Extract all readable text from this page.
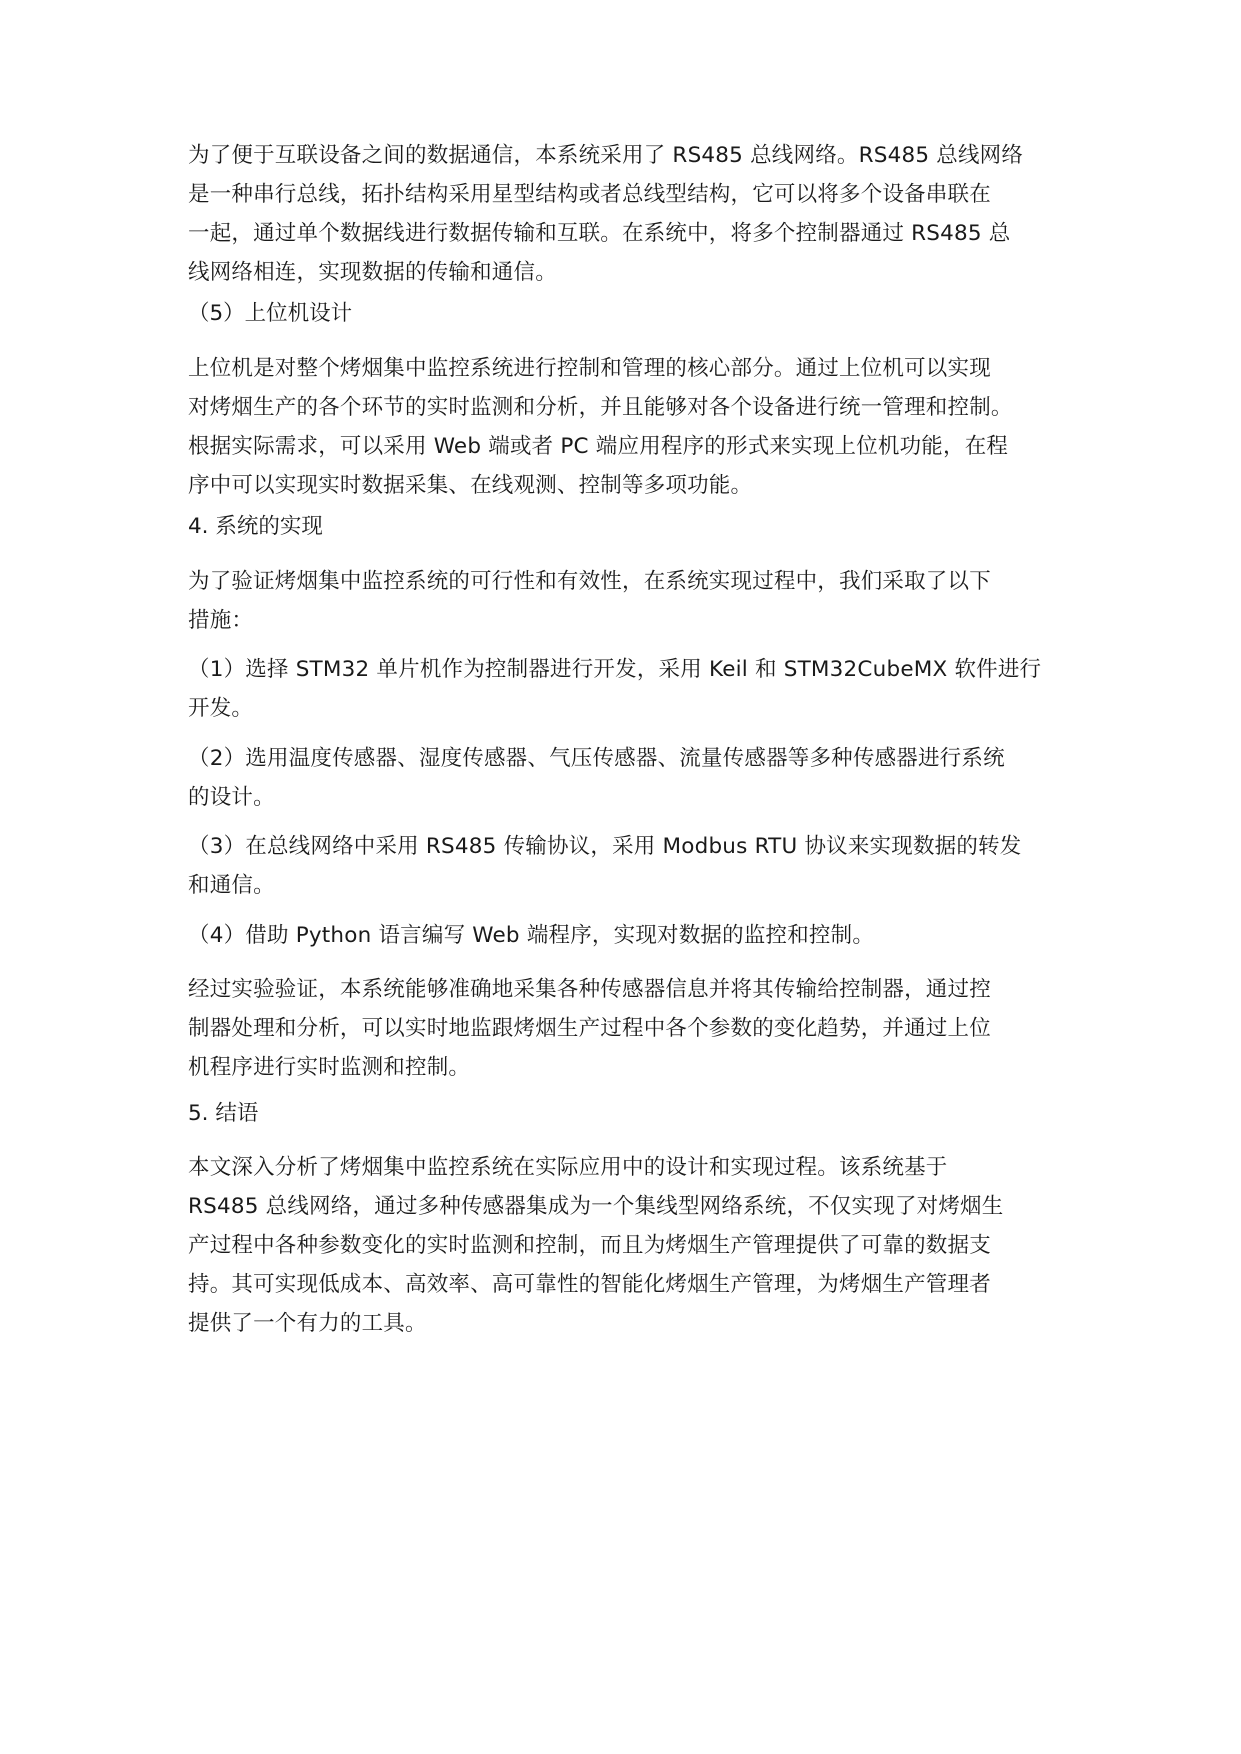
为了便于互联设备之间的数据通信，本系统采用了 RS485 总线网络。RS485 总线网络
是一种串行总线，拓扑结构采用星型结构或者总线型结构，它可以将多个设备串联在
一起，通过单个数据线进行数据传输和互联。在系统中，将多个控制器通过 RS485 总
线网络相连，实现数据的传输和通信。

（5）上位机设计

上位机是对整个烤烟集中监控系统进行控制和管理的核心部分。通过上位机可以实现
对烤烟生产的各个环节的实时监测和分析，并且能够对各个设备进行统一管理和控制。
根据实际需求，可以采用 Web 端或者 PC 端应用程序的形式来实现上位机功能，在程
序中可以实现实时数据采集、在线观测、控制等多项功能。

4. 系统的实现

为了验证烤烟集中监控系统的可行性和有效性，在系统实现过程中，我们采取了以下
措施：

（1）选择 STM32 单片机作为控制器进行开发，采用 Keil 和 STM32CubeMX 软件进行
开发。

（2）选用温度传感器、湿度传感器、气压传感器、流量传感器等多种传感器进行系统
的设计。

（3）在总线网络中采用 RS485 传输协议，采用 Modbus RTU 协议来实现数据的转发
和通信。

（4）借助 Python 语言编写 Web 端程序，实现对数据的监控和控制。

经过实验验证，本系统能够准确地采集各种传感器信息并将其传输给控制器，通过控
制器处理和分析，可以实时地监跟烤烟生产过程中各个参数的变化趋势，并通过上位
机程序进行实时监测和控制。

5. 结语

本文深入分析了烤烟集中监控系统在实际应用中的设计和实现过程。该系统基于
RS485 总线网络，通过多种传感器集成为一个集线型网络系统，不仅实现了对烤烟生
产过程中各种参数变化的实时监测和控制，而且为烤烟生产管理提供了可靠的数据支
持。其可实现低成本、高效率、高可靠性的智能化烤烟生产管理，为烤烟生产管理者
提供了一个有力的工具。
